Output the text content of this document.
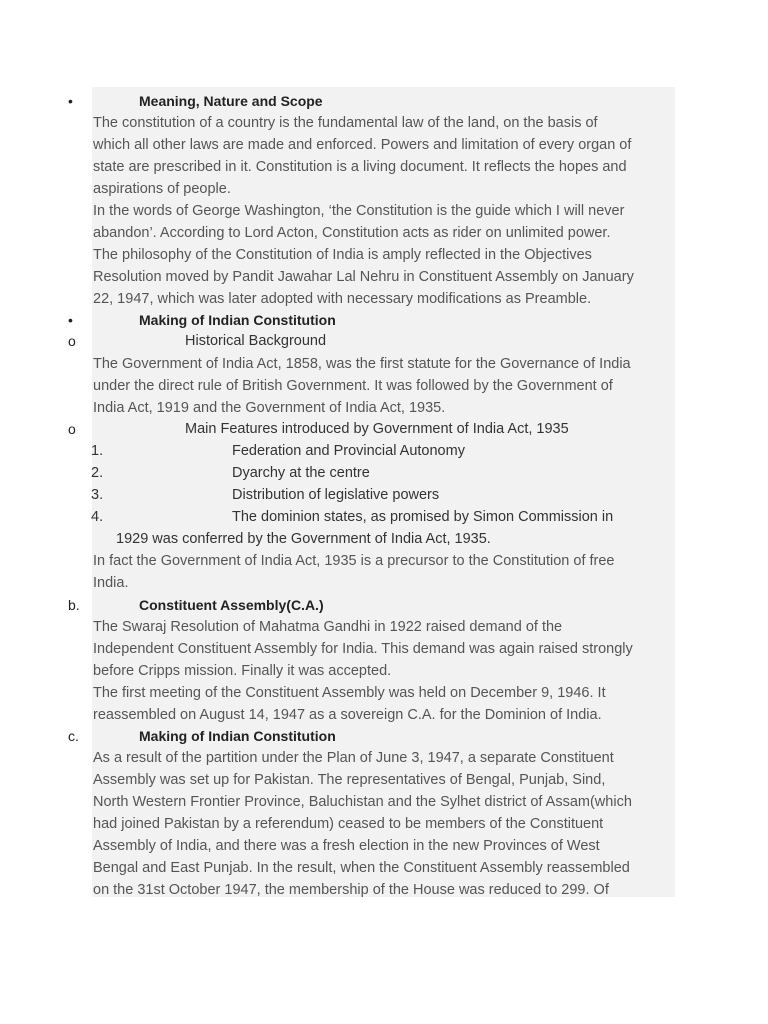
•	Meaning, Nature and Scope
The constitution of a country is the fundamental law of the land, on the basis of
which all other laws are made and enforced. Powers and limitation of every organ of
state are prescribed in it. Constitution is a living document. It reflects the hopes and
aspirations of people.
In the words of George Washington, ‘the Constitution is the guide which I will never
abandon’. According to Lord Acton, Constitution acts as rider on unlimited power.
The philosophy of the Constitution of India is amply reflected in the Objectives
Resolution moved by Pandit Jawahar Lal Nehru in Constituent Assembly on January
22, 1947, which was later adopted with necessary modifications as Preamble.
•	Making of Indian Constitution
o	Historical Background
The Government of India Act, 1858, was the first statute for the Governance of India
under the direct rule of British Government. It was followed by the Government of
India Act, 1919 and the Government of India Act, 1935.
o	Main Features introduced by Government of India Act, 1935
1.	Federation and Provincial Autonomy
2.	Dyarchy at the centre
3.	Distribution of legislative powers
4.	The dominion states, as promised by Simon Commission in
1929 was conferred by the Government of India Act, 1935.
In fact the Government of India Act, 1935 is a precursor to the Constitution of free
India.
b.	Constituent Assembly(C.A.)
The Swaraj Resolution of Mahatma Gandhi in 1922 raised demand of the
Independent Constituent Assembly for India. This demand was again raised strongly
before Cripps mission. Finally it was accepted.
The first meeting of the Constituent Assembly was held on December 9, 1946. It
reassembled on August 14, 1947 as a sovereign C.A. for the Dominion of India.
c.	Making of Indian Constitution
As a result of the partition under the Plan of June 3, 1947, a separate Constituent
Assembly was set up for Pakistan. The representatives of Bengal, Punjab, Sind,
North Western Frontier Province, Baluchistan and the Sylhet district of Assam(which
had joined Pakistan by a referendum) ceased to be members of the Constituent
Assembly of India, and there was a fresh election in the new Provinces of West
Bengal and East Punjab. In the result, when the Constituent Assembly reassembled
on the 31st October 1947, the membership of the House was reduced to 299. Of
